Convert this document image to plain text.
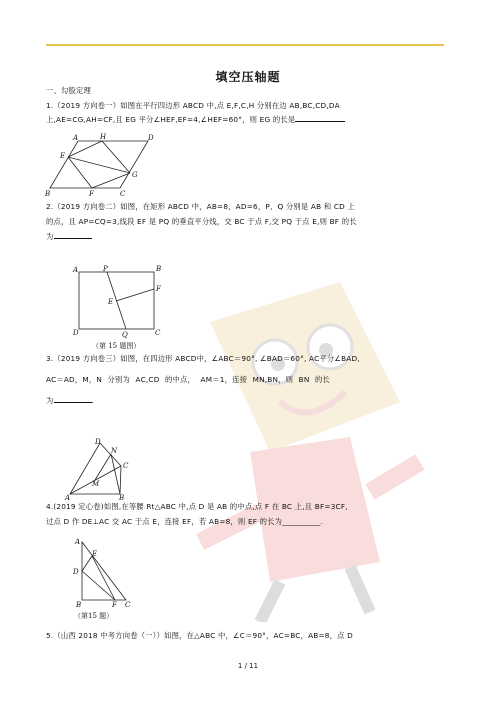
填空压轴题
一、勾股定理
1.（2019 方向卷一）如图在平行四边形 ABCD 中,点 E,F,C,H 分别在边 AB,BC,CD,DA
上,AE=CG,AH=CF,且 EG 平分∠HEF,EF=4,∠HEF=60°，则 EG 的长是
A	H	D
E
G
B	F	C
2.（2019 方向卷二）如图，在矩形 ABCD 中，AB=8，AD=6，P、Q 分别是 AB 和 CD 上
的点，且 AP=CQ=3,线段 EF 是 PQ 的垂直平分线，交 BC 于点 F,交 PQ 于点 E,则 BF 的长
为
A	P	B
F
E
D	Q	C
（第 15 题图）
3.（2019 方向卷三）如图，在四边形 ABCD中，∠ABC＝90°, ∠BAD＝60°, AC平分∠BAD,
AC＝AD，M，N 分别为 AC,CD 的中点， AM＝1，连接 MN,BN，则 BN 的长
为	.
D
N
C
M
A	B
4.(2019 定心卷)如图,在等腰 Rt△ABC 中,点 D 是 AB 的中点,点 F 在 BC 上,且 BF=3CF,
过点 D 作 DE⊥AC 交 AC 于点 E，连接 EF，若 AB=8，则 EF 的长为__________.
A
E
D
B	F C
（第15 题）
5.（山西 2018 中考方向卷（一））如图，在△ABC 中，∠C＝90°，AC=BC，AB=8，点 D
1 / 11
